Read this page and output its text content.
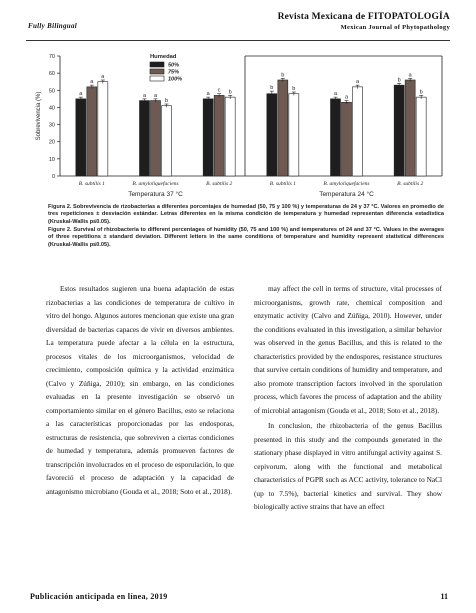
Fully Bilingual
Revista Mexicana de FITOPATOLOGÍA
Mexican Journal of Phytopathology
Sobrevivencia (%)
0
10
20
30
40
50
60
70
a
a
a
B. subtilis 1
a a
b
B. amyloliquefaciens
a
c b
B. subtilis 2
b
b
b
B. subtilis 1
a
a
a
B. amyloliquefaciens
b
a
b
B. subtilis 2
Temperatura 37 °C	Temperatura 24 °C
Humedad
50%
75%
100%
Figura 2. Sobrevivencia de rizobacterias a diferentes porcentajes de humedad (50, 75 y 100 %) y temperaturas de 24 y 37 °C. Valores en promedio de tres repeticiones ± desviación estándar. Letras diferentes en la misma condición de temperatura y humedad representan diferencia estadística (Kruskal-Wallis p≤0.05).
Figure 2. Survival of rhizobacteria to different percentages of humidity (50, 75 and 100 %) and temperatures of 24 and 37 °C. Values in the averages of three repetitions ± standard deviation. Different letters in the same conditions of temperature and humidity represent statistical differences (Kruskal-Wallis p≤0.05).

Estos resultados sugieren una buena adaptación de estas rizobacterias a las condiciones de temperatura de cultivo in vitro del hongo. Algunos autores mencionan que existe una gran diversidad de bacterias capaces de vivir en diversos ambientes. La temperatura puede afectar a la célula en la estructura, procesos vitales de los microorganismos, velocidad de crecimiento, composición química y la actividad enzimática (Calvo y Zúñiga, 2010); sin embargo, en las condiciones evaluadas en la presente investigación se observó un comportamiento similar en el género Bacillus, esto se relaciona a las características proporcionadas por las endosporas, estructuras de resistencia, que sobreviven a ciertas condiciones de humedad y temperatura, además promueven factores de transcripción involucrados en el proceso de esporulación, lo que favoreció el proceso de adaptación y la capacidad de antagonismo microbiano (Gouda et al., 2018; Soto et al., 2018).

may affect the cell in terms of structure, vital processes of microorganisms, growth rate, chemical composition and enzymatic activity (Calvo and Zúñiga, 2010). However, under the conditions evaluated in this investigation, a similar behavior was observed in the genus Bacillus, and this is related to the characteristics provided by the endospores, resistance structures that survive certain conditions of humidity and temperature, and also promote transcription factors involved in the sporulation process, which favores the process of adaptation and the ability of microbial antagonism (Gouda et al., 2018; Soto et al., 2018).

In conclusion, the rhizobacteria of the genus Bacillus presented in this study and the compounds generated in the stationary phase displayed in vitro antifungal activity against S. cepivorum, along with the functional and metabolical characteristics of PGPR such as ACC activity, tolerance to NaCl (up to 7.5%), bacterial kinetics and survival. They show biologically active strains that have an effect

Publicación anticipada en línea, 2019	11
